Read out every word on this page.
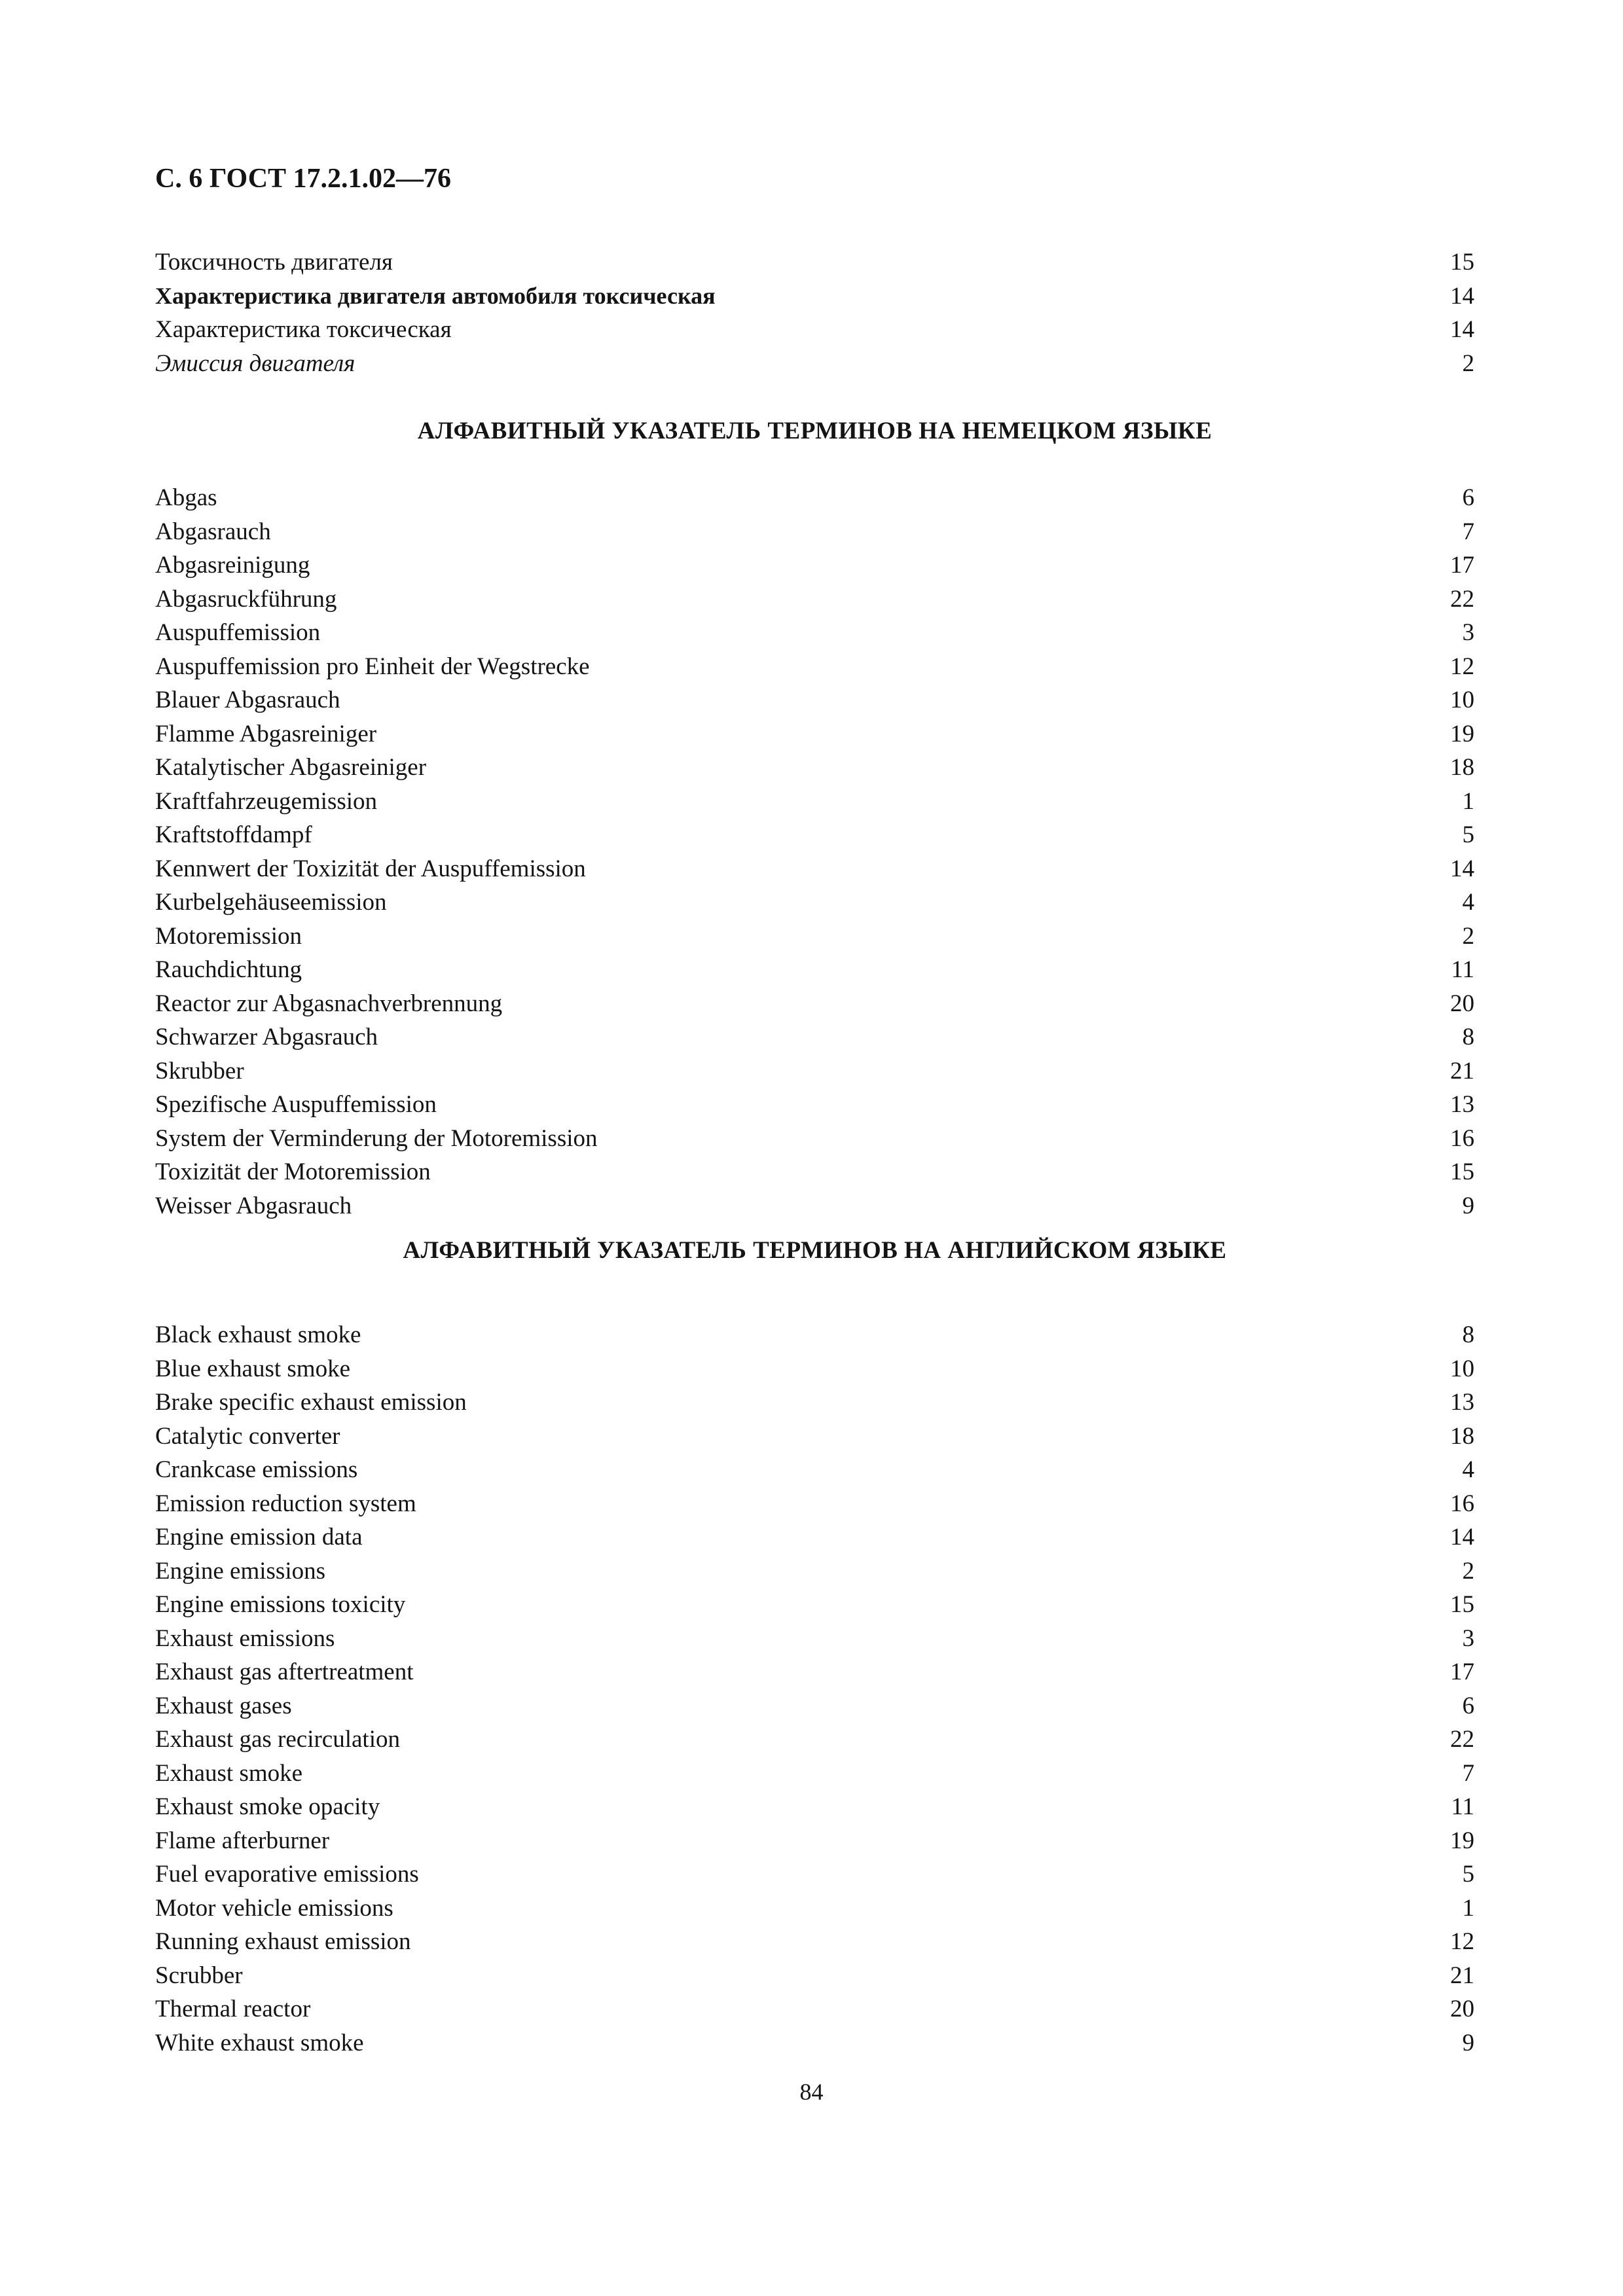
С. 6 ГОСТ 17.2.1.02—76
Токсичность двигателя	15
Характеристика двигателя автомобиля токсическая	14
Характеристика токсическая	14
Эмиссия двигателя	2
АЛФАВИТНЫЙ УКАЗАТЕЛЬ ТЕРМИНОВ НА НЕМЕЦКОМ ЯЗЫКЕ
Abgas	6
Abgasrauch	7
Abgasreinigung	17
Abgasruckführung	22
Auspuffemission	3
Auspuffemission pro Einheit der Wegstrecke	12
Blauer Abgasrauch	10
Flamme Abgasreiniger	19
Katalytischer Abgasreiniger	18
Kraftfahrzeugemission	1
Kraftstoffdampf	5
Kennwert der Toxizität der Auspuffemission	14
Kurbelgehäuseemission	4
Motoremission	2
Rauchdichtung	11
Reactor zur Abgasnachverbrennung	20
Schwarzer Abgasrauch	8
Skrubber	21
Spezifische Auspuffemission	13
System der Verminderung der Motoremission	16
Toxizität der Motoremission	15
Weisser Abgasrauch	9
АЛФАВИТНЫЙ УКАЗАТЕЛЬ ТЕРМИНОВ НА АНГЛИЙСКОМ ЯЗЫКЕ
Black exhaust smoke	8
Blue exhaust smoke	10
Brake specific exhaust emission	13
Catalytic converter	18
Crankcase emissions	4
Emission reduction system	16
Engine emission data	14
Engine emissions	2
Engine emissions toxicity	15
Exhaust emissions	3
Exhaust gas aftertreatment	17
Exhaust gases	6
Exhaust gas recirculation	22
Exhaust smoke	7
Exhaust smoke opacity	11
Flame afterburner	19
Fuel evaporative emissions	5
Motor vehicle emissions	1
Running exhaust emission	12
Scrubber	21
Thermal reactor	20
White exhaust smoke	9
84
